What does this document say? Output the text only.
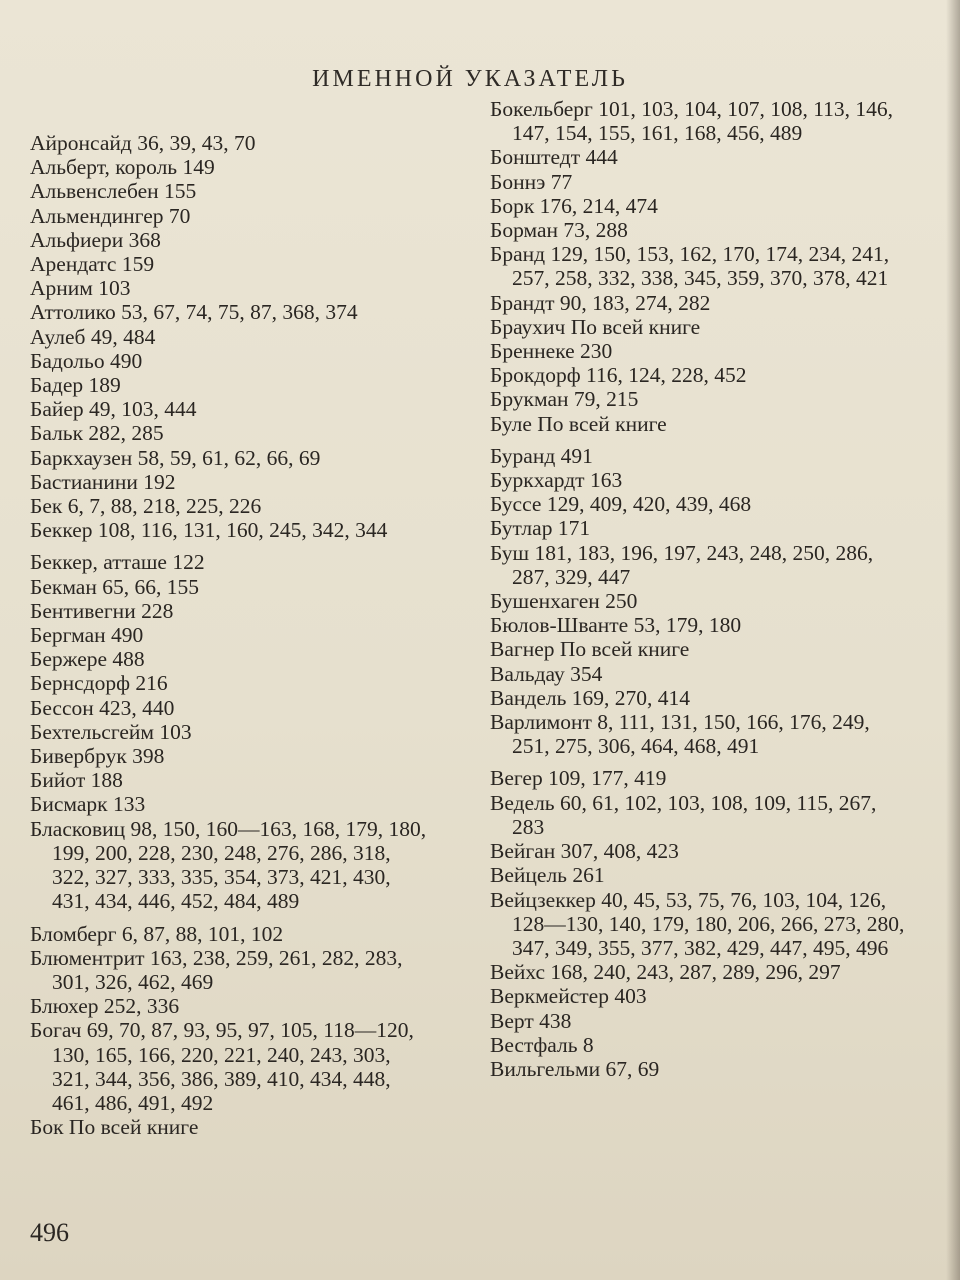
ИМЕННОЙ УКАЗАТЕЛЬ
Айронсайд 36, 39, 43, 70
Альберт, король 149
Альвенслебен 155
Альмендингер 70
Альфиери 368
Арендатс 159
Арним 103
Аттолико 53, 67, 74, 75, 87, 368, 374
Аулеб 49, 484
Бадольо 490
Бадер 189
Байер 49, 103, 444
Бальк 282, 285
Баркхаузен 58, 59, 61, 62, 66, 69
Бастианини 192
Бек 6, 7, 88, 218, 225, 226
Беккер 108, 116, 131, 160, 245, 342, 344
Беккер, атташе 122
Бекман 65, 66, 155
Бентивегни 228
Бергман 490
Бержере 488
Бернсдорф 216
Бессон 423, 440
Бехтельсгейм 103
Бивербрук 398
Бийот 188
Бисмарк 133
Бласковиц 98, 150, 160—163, 168, 179, 180, 199, 200, 228, 230, 248, 276, 286, 318, 322, 327, 333, 335, 354, 373, 421, 430, 431, 434, 446, 452, 484, 489
Бломберг 6, 87, 88, 101, 102
Блюментрит 163, 238, 259, 261, 282, 283, 301, 326, 462, 469
Блюхер 252, 336
Богач 69, 70, 87, 93, 95, 97, 105, 118—120, 130, 165, 166, 220, 221, 240, 243, 303, 321, 344, 356, 386, 389, 410, 434, 448, 461, 486, 491, 492
Бок По всей книге
Бокельберг 101, 103, 104, 107, 108, 113, 146, 147, 154, 155, 161, 168, 456, 489
Бонштедт 444
Боннэ 77
Борк 176, 214, 474
Борман 73, 288
Бранд 129, 150, 153, 162, 170, 174, 234, 241, 257, 258, 332, 338, 345, 359, 370, 378, 421
Брандт 90, 183, 274, 282
Браухич По всей книге
Бреннеке 230
Брокдорф 116, 124, 228, 452
Брукман 79, 215
Буле По всей книге
Буранд 491
Буркхардт 163
Буссе 129, 409, 420, 439, 468
Бутлар 171
Буш 181, 183, 196, 197, 243, 248, 250, 286, 287, 329, 447
Бушенхаген 250
Бюлов-Шванте 53, 179, 180
Вагнер По всей книге
Вальдау 354
Вандель 169, 270, 414
Варлимонт 8, 111, 131, 150, 166, 176, 249, 251, 275, 306, 464, 468, 491
Вегер 109, 177, 419
Ведель 60, 61, 102, 103, 108, 109, 115, 267, 283
Вейган 307, 408, 423
Вейцель 261
Вейцзеккер 40, 45, 53, 75, 76, 103, 104, 126, 128—130, 140, 179, 180, 206, 266, 273, 280, 347, 349, 355, 377, 382, 429, 447, 495, 496
Вейхс 168, 240, 243, 287, 289, 296, 297
Веркмейстер 403
Верт 438
Вестфаль 8
Вильгельми 67, 69
496
